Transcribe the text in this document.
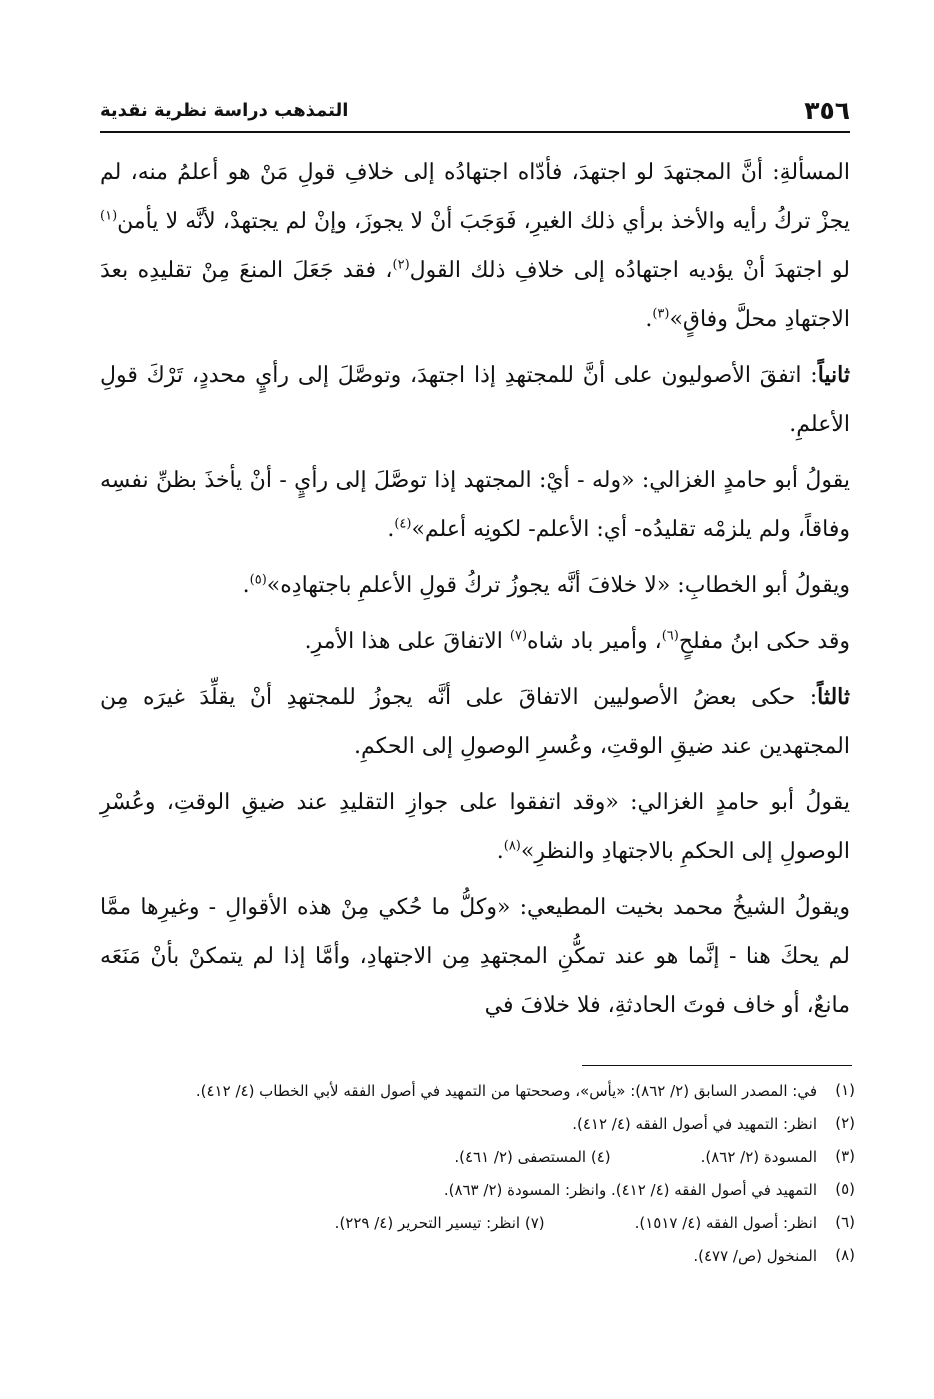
٣٥٦
التمذهب دراسة نظرية نقدية

المسألةِ: أنَّ المجتهدَ لو اجتهدَ، فأدّاه اجتهادُه إلى خلافِ قولِ مَنْ هو أعلمُ منه، لم يجزْ تركُ رأيه والأخذ برأي ذلك الغيرِ، فَوَجَبَ أنْ لا يجوزَ، وإنْ لم يجتهدْ، لأنَّه لا يأمن$^{(١)}$ لو اجتهدَ أنْ يؤديه اجتهادُه إلى خلافِ ذلك القول$^{(٢)}$، فقد جَعَلَ المنعَ مِنْ تقليدِه بعدَ الاجتهادِ محلَّ وفاقٍ»$^{(٣)}$.

ثانياً: اتفقَ الأصوليون على أنَّ للمجتهدِ إذا اجتهدَ، وتوصَّلَ إلى رأيٍ محددٍ، تَرْكَ قولِ الأعلمِ.

يقولُ أبو حامدٍ الغزالي: «وله - أيْ: المجتهد إذا توصَّلَ إلى رأيٍ - أنْ يأخذَ بظنِّ نفسِه وفاقاً، ولم يلزمْه تقليدُه- أي: الأعلم- لكونِه أعلم»$^{(٤)}$.

ويقولُ أبو الخطابِ: «لا خلافَ أنَّه يجوزُ تركُ قولِ الأعلمِ باجتهادِه»$^{(٥)}$.

وقد حكى ابنُ مفلحٍ$^{(٦)}$، وأمير باد شاه$^{(٧)}$ الاتفاقَ على هذا الأمرِ.

ثالثاً: حكى بعضُ الأصوليين الاتفاقَ على أنَّه يجوزُ للمجتهدِ أنْ يقلِّدَ غيرَه مِن المجتهدين عند ضيقِ الوقتِ، وعُسرِ الوصولِ إلى الحكمِ.

يقولُ أبو حامدٍ الغزالي: «وقد اتفقوا على جوازِ التقليدِ عند ضيقِ الوقتِ، وعُسْرِ الوصولِ إلى الحكمِ بالاجتهادِ والنظرِ»$^{(٨)}$.

ويقولُ الشيخُ محمد بخيت المطيعي: «وكلُّ ما حُكي مِنْ هذه الأقوالِ - وغيرِها ممَّا لم يحكَ هنا - إنَّما هو عند تمكُّنِ المجتهدِ مِن الاجتهادِ، وأمَّا إذا لم يتمكنْ بأنْ مَنَعَه مانعٌ، أو خاف فوتَ الحادثةِ، فلا خلافَ في

(١)
في: المصدر السابق (٢/ ٨٦٢): «يأس»، وصححتها من التمهيد في أصول الفقه لأبي الخطاب (٤/ ٤١٢).
(٢)
انظر: التمهيد في أصول الفقه (٤/ ٤١٢).
(٣)
المسودة (٢/ ٨٦٢).(٤) المستصفى (٢/ ٤٦١).
(٥)
التمهيد في أصول الفقه (٤/ ٤١٢). وانظر: المسودة (٢/ ٨٦٣).
(٦)
انظر: أصول الفقه (٤/ ١٥١٧).(٧) انظر: تيسير التحرير (٤/ ٢٢٩).
(٨)
المنخول (ص/ ٤٧٧).
